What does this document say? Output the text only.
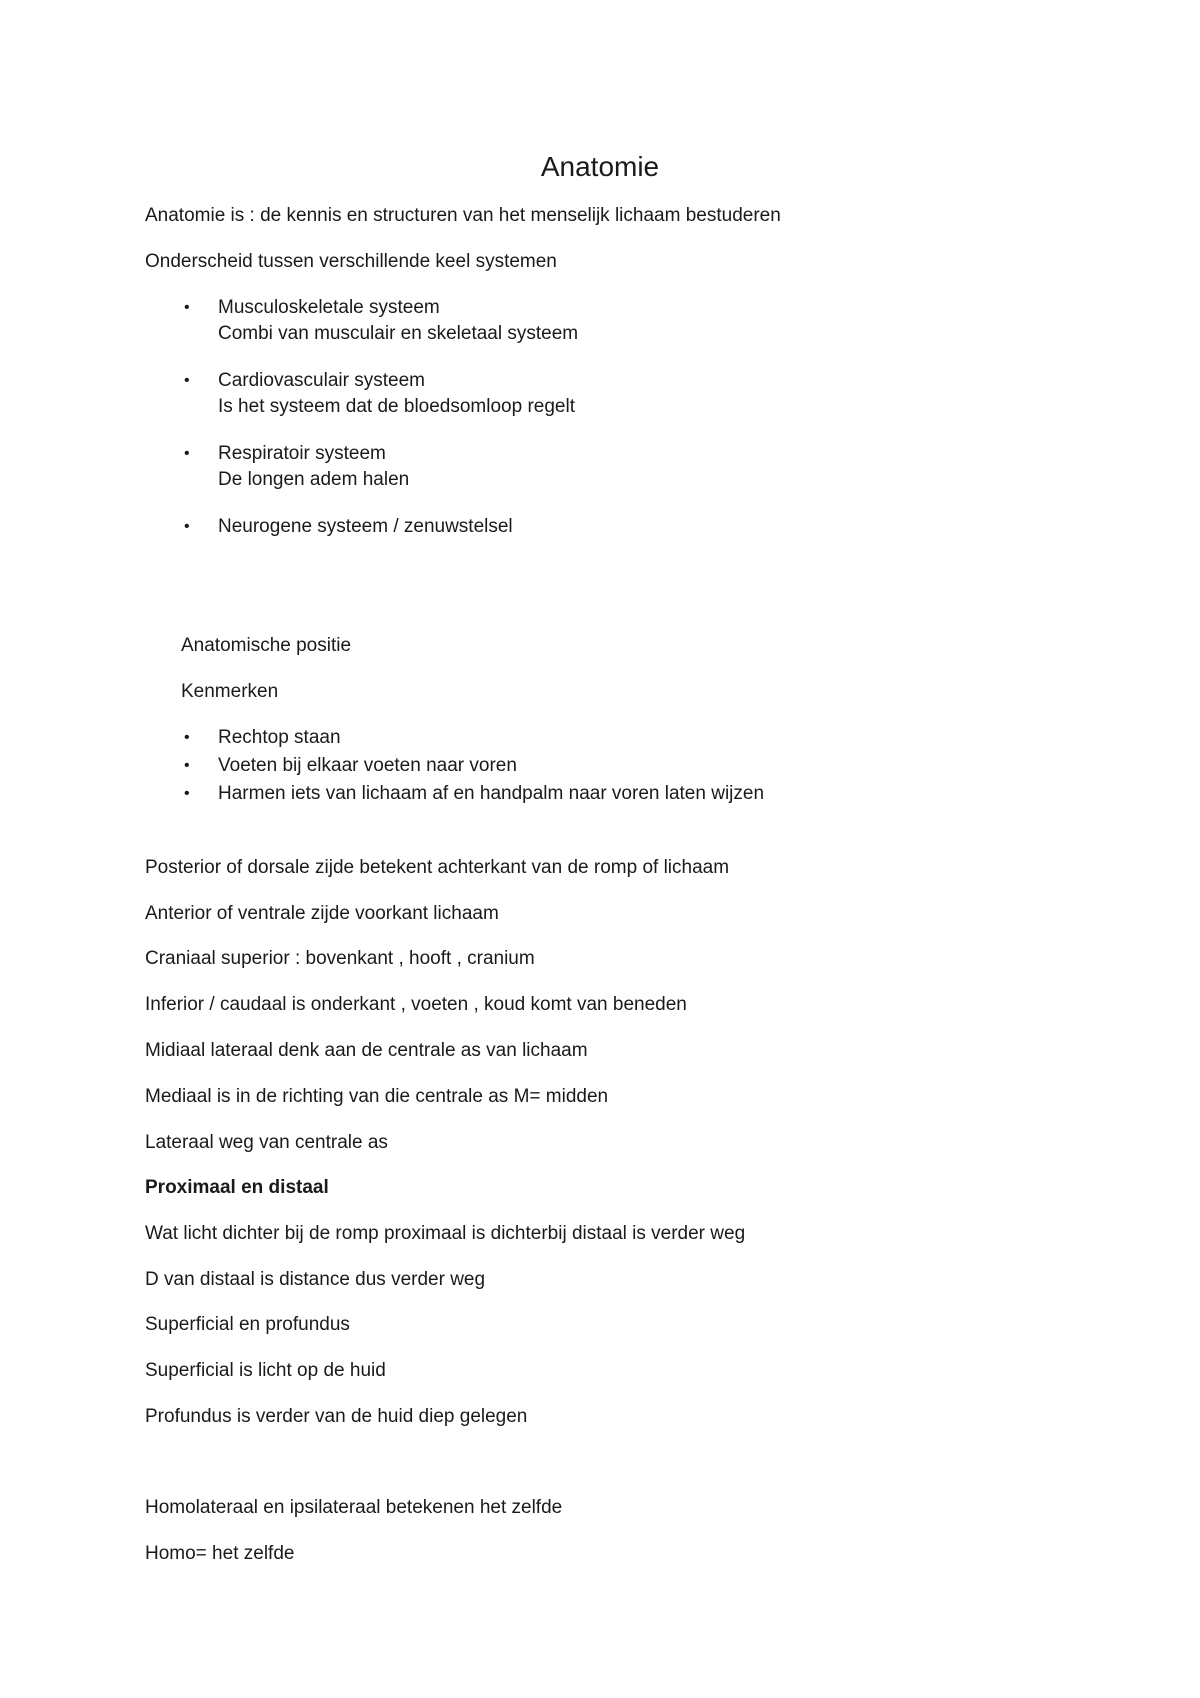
Anatomie
Anatomie is : de kennis en structuren van het menselijk lichaam bestuderen
Onderscheid tussen verschillende keel systemen
• Musculoskeletale systeem
Combi van musculair en skeletaal systeem
• Cardiovasculair systeem
Is het systeem dat de bloedsomloop regelt
• Respiratoir systeem
De longen adem halen
• Neurogene systeem / zenuwstelsel
Anatomische positie
Kenmerken
• Rechtop staan
• Voeten bij elkaar voeten naar voren
• Harmen iets van lichaam af en handpalm naar voren laten wijzen
Posterior of dorsale zijde betekent achterkant van de romp of lichaam
Anterior of ventrale zijde voorkant lichaam
Craniaal superior : bovenkant , hooft , cranium
Inferior / caudaal is onderkant , voeten , koud komt van beneden
Midiaal lateraal denk aan de centrale as van lichaam
Mediaal is in de richting van die centrale as M= midden
Lateraal weg van centrale as
Proximaal en distaal
Wat licht dichter bij de romp proximaal is dichterbij distaal is verder weg
D van distaal is distance dus verder weg
Superficial en profundus
Superficial is licht op de huid
Profundus is verder van de huid diep gelegen
Homolateraal en ipsilateraal betekenen het zelfde
Homo= het zelfde
